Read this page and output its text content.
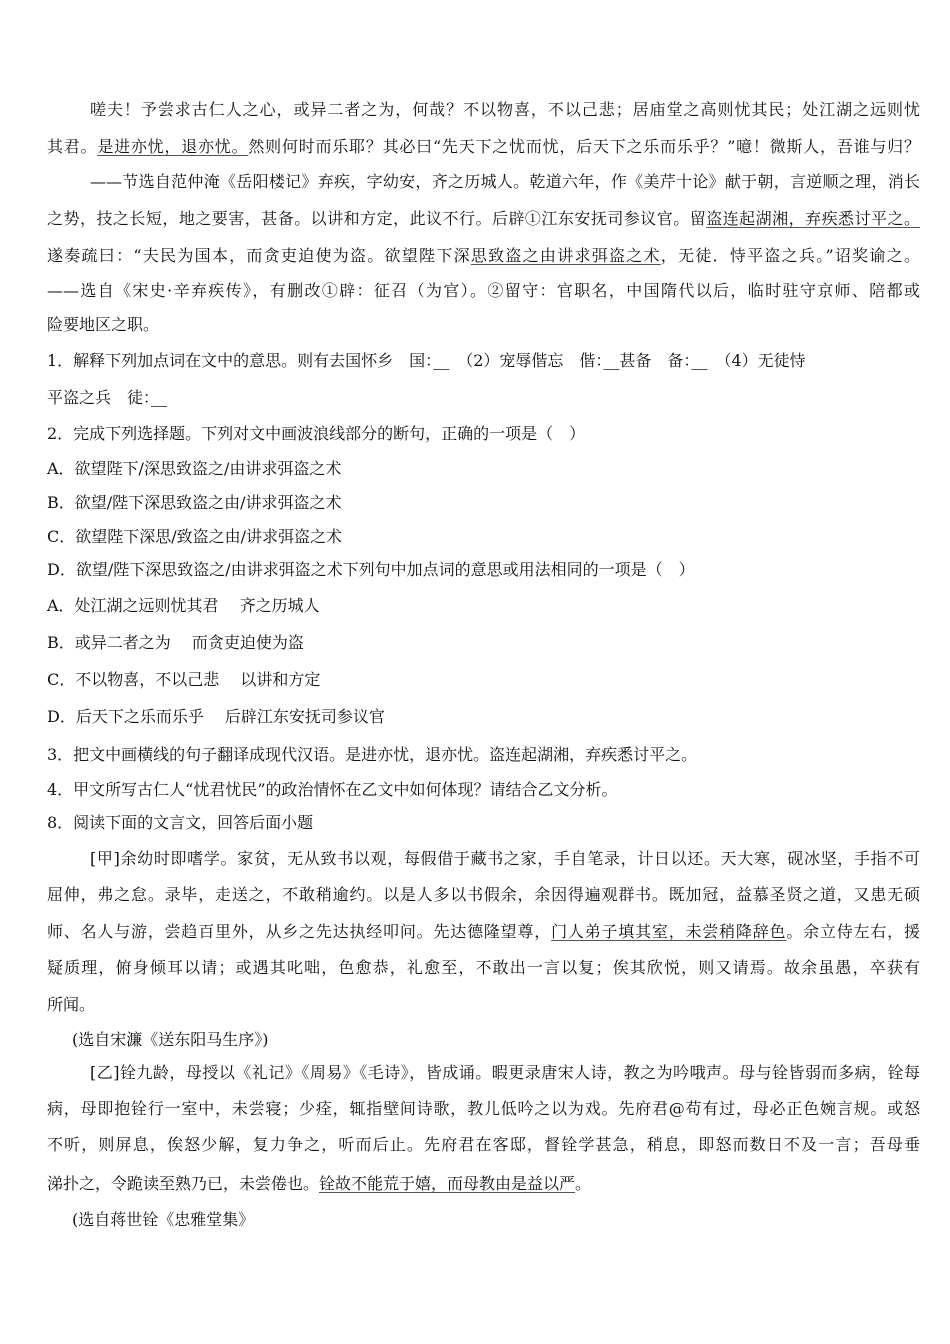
嗟夫！予尝求古仁人之心，或异二者之为，何哉？不以物喜，不以己悲；居庙堂之高则忧其民；处江湖之远则忧
其君。是进亦忧，退亦忧。然则何时而乐耶？其必曰“先天下之忧而忧，后天下之乐而乐乎？”噫！微斯人，吾谁与归？
——节选自范仲淹《岳阳楼记》弃疾，字幼安，齐之历城人。乾道六年，作《美芹十论》献于朝，言逆顺之理，消长
之势，技之长短，地之要害，甚备。以讲和方定，此议不行。后辟①江东安抚司参议官。留盗连起湖湘，弃疾悉讨平之。
遂奏疏曰：“夫民为国本，而贪吏迫使为盗。欲望陛下深思致盗之由讲求弭盗之术，无徒．恃平盗之兵。”诏奖谕之。
——选自《宋史·辛弃疾传》，有删改①辟：征召（为官）。②留守：官职名，中国隋代以后，临时驻守京师、陪都或
险要地区之职。
1．解释下列加点词在文中的意思。则有去国怀乡　国：　　（2）宠辱偕忘　偕：　 甚备　备：　　（4）无徒恃
平盗之兵　徒：　
2．完成下列选择题。下列对文中画波浪线部分的断句，正确的一项是（　）
A．欲望陛下/深思致盗之/由讲求弭盗之术
B．欲望/陛下深思致盗之由/讲求弭盗之术
C．欲望陛下深思/致盗之由/讲求弭盗之术
D．欲望/陛下深思致盗之/由讲求弭盗之术下列句中加点词的意思或用法相同的一项是（　）
A．处江湖之远则忧其君　 齐之历城人
B．或异二者之为　 而贪吏迫使为盗
C．不以物喜，不以己悲　 以讲和方定
D．后天下之乐而乐乎　 后辟江东安抚司参议官
3．把文中画横线的句子翻译成现代汉语。是进亦忧，退亦忧。盗连起湖湘，弃疾悉讨平之。
4．甲文所写古仁人“忧君忧民”的政治情怀在乙文中如何体现？请结合乙文分析。
8．阅读下面的文言文，回答后面小题
[甲]余幼时即嗜学。家贫，无从致书以观，每假借于藏书之家，手自笔录，计日以还。天大寒，砚冰坚，手指不可
屈伸，弗之怠。录毕，走送之，不敢稍逾约。以是人多以书假余，余因得遍观群书。既加冠，益慕圣贤之道，又患无硕
师、名人与游，尝趋百里外，从乡之先达执经叩问。先达德隆望尊，门人弟子填其室，未尝稍降辞色。余立侍左右，援
疑质理，俯身倾耳以请；或遇其叱咄，色愈恭，礼愈至，不敢出一言以复；俟其欣悦，则又请焉。故余虽愚，卒获有
所闻。
(选自宋濂《送东阳马生序》)
[乙]铨九龄，母授以《礼记》《周易》《毛诗》，皆成诵。暇更录唐宋人诗，教之为吟哦声。母与铨皆弱而多病，铨每
病，母即抱铨行一室中，未尝寝；少痊，辄指壁间诗歌，教儿低吟之以为戏。先府君@苟有过，母必正色婉言规。或怒
不听，则屏息，俟怒少解，复力争之，听而后止。先府君在客邸，督铨学甚急，稍息，即怒而数日不及一言；吾母垂
涕扑之，令跪读至熟乃已，未尝倦也。铨故不能荒于嬉，而母教由是益以严。
(选自蒋世铨《忠雅堂集》
